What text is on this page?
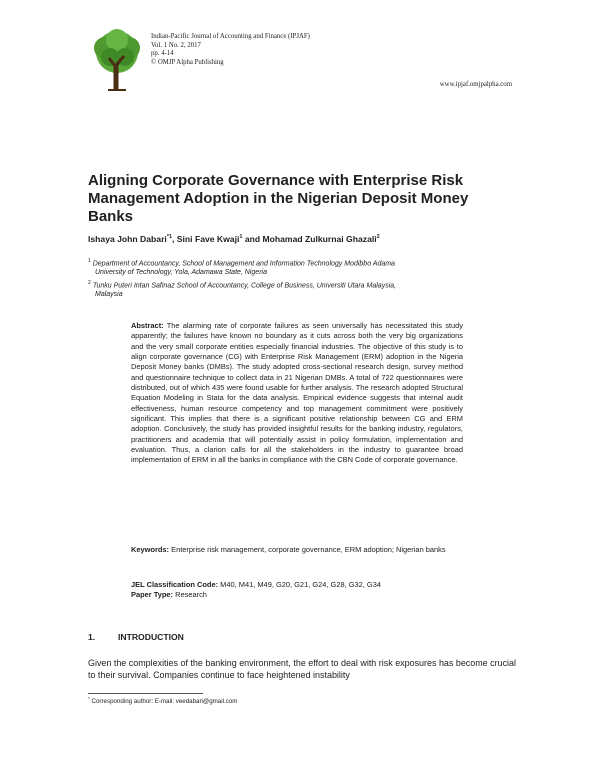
Indian-Pacific Journal of Accounting and Finance (IPJAF)
Vol. 1 No. 2, 2017
pp. 4-14
© OMJP Alpha Publishing
www.ipjaf.omjpalpha.com
Aligning Corporate Governance with Enterprise Risk Management Adoption in the Nigerian Deposit Money Banks
Ishaya John Dabari$^{*1}$, Sini Fave Kwaji$^1$ and Mohamad Zulkurnai Ghazali$^2$
$^1$ Department of Accountancy, School of Management and Information Technology Modibbo Adama
University of Technology, Yola, Adamawa State, Nigeria
$^2$ Tunku Puteri Intan Safinaz School of Accountancy, College of Business, Universiti Utara Malaysia,
Malaysia
Abstract: The alarming rate of corporate failures as seen universally has necessitated this study apparently; the failures have known no boundary as it cuts across both the very big organizations and the very small corporate entities especially financial industries. The objective of this study is to align corporate governance (CG) with Enterprise Risk Management (ERM) adoption in the Nigeria Deposit Money banks (DMBs). The study adopted cross-sectional research design, survey method and questionnaire technique to collect data in 21 Nigerian DMBs. A total of 722 questionnaires were distributed, out of which 435 were found usable for further analysis. The research adopted Structural Equation Modeling in Stata for the data analysis. Empirical evidence suggests that internal audit effectiveness, human resource competency and top management commitment were positively significant. This implies that there is a significant positive relationship between CG and ERM adoption. Conclusively, the study has provided insightful results for the banking industry, regulators, practitioners and academia that will potentially assist in policy formulation, implementation and evaluation. Thus, a clarion calls for all the stakeholders in the industry to guarantee broad implementation of ERM in all the banks in compliance with the CBN Code of corporate governance.
Keywords: Enterprise risk management, corporate governance, ERM adoption; Nigerian banks
JEL Classification Code: M40, M41, M49, G20, G21, G24, G28, G32, G34
Paper Type: Research
1.	INTRODUCTION
Given the complexities of the banking environment, the effort to deal with risk exposures has become crucial to their survival. Companies continue to face heightened instability
* Corresponding author: E-mail: veedabari@gmail.com
